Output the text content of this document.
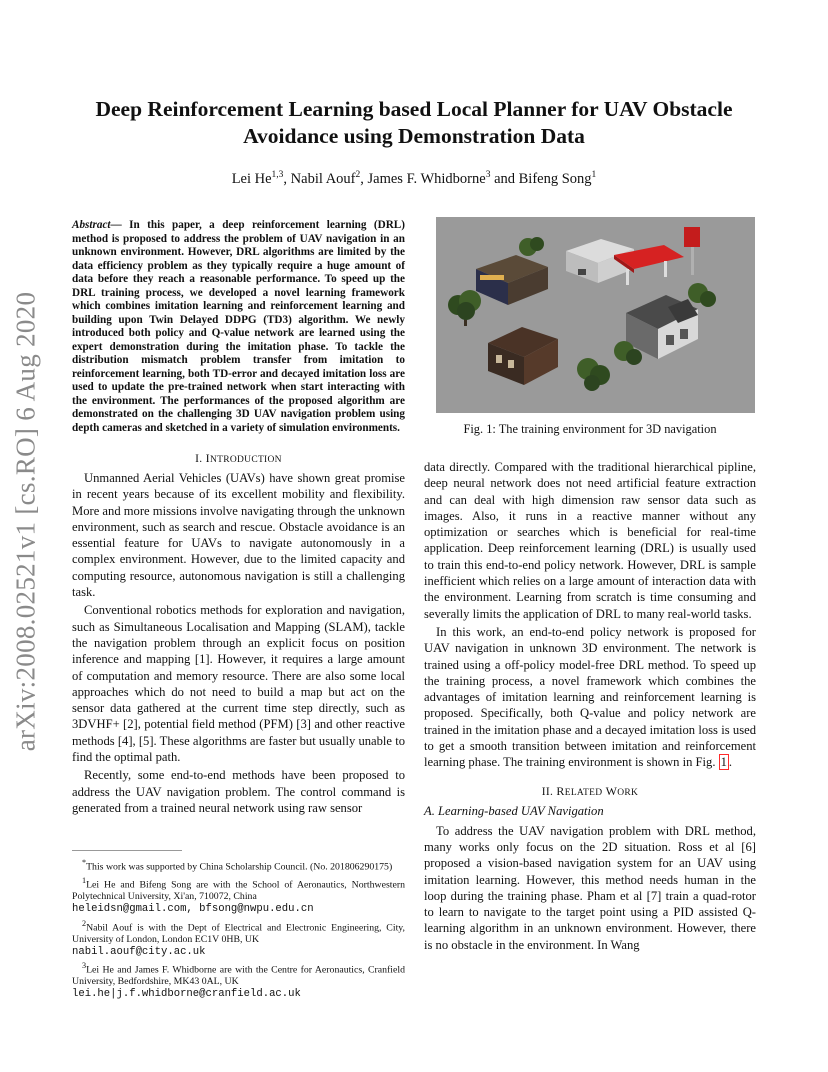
arXiv:2008.02521v1 [cs.RO] 6 Aug 2020
Deep Reinforcement Learning based Local Planner for UAV Obstacle
Avoidance using Demonstration Data
Lei He$^{1,3}$, Nabil Aouf$^2$, James F. Whidborne$^3$ and Bifeng Song$^1$

Abstract— In this paper, a deep reinforcement learning (DRL) method is proposed to address the problem of UAV navigation in an unknown environment. However, DRL algorithms are limited by the data efficiency problem as they typically require a huge amount of data before they reach a reasonable performance. To speed up the DRL training process, we developed a novel learning framework which combines imitation learning and reinforcement learning and building upon Twin Delayed DDPG (TD3) algorithm. We newly introduced both policy and Q-value network are learned using the expert demonstration during the imitation phase. To tackle the distribution mismatch problem transfer from imitation to reinforcement learning, both TD-error and decayed imitation loss are used to update the pre-trained network when start interacting with the environment. The performances of the proposed algorithm are demonstrated on the challenging 3D UAV navigation problem using depth cameras and sketched in a variety of simulation environments.

I. INTRODUCTION

Unmanned Aerial Vehicles (UAVs) have shown great promise in recent years because of its excellent mobility and flexibility. More and more missions involve navigating through the unknown environment, such as search and rescue. Obstacle avoidance is an essential feature for UAVs to navigate autonomously in a complex environment. However, due to the limited capacity and computing resource, autonomous navigation is still a challenging task.

Conventional robotics methods for exploration and navigation, such as Simultaneous Localisation and Mapping (SLAM), tackle the navigation problem through an explicit focus on position inference and mapping [1]. However, it requires a large amount of computation and memory resource. There are also some local approaches which do not need to build a map but act on the sensor data gathered at the current time step directly, such as 3DVHF+ [2], potential field method (PFM) [3] and other reactive methods [4], [5]. These algorithms are faster but usually unable to find the optimal path.

Recently, some end-to-end methods have been proposed to address the UAV navigation problem. The control command is generated from a trained neural network using raw sensor

*This work was supported by China Scholarship Council. (No. 201806290175)

$^1$Lei He and Bifeng Song are with the School of Aeronautics, Northwestern Polytechnical University, Xi'an, 710072, China
heleidsn@gmail.com, bfsong@nwpu.edu.cn

$^2$Nabil Aouf is with the Dept of Electrical and Electronic Engineering, City, University of London, London EC1V 0HB, UK
nabil.aouf@city.ac.uk

$^3$Lei He and James F. Whidborne are with the Centre for Aeronautics, Cranfield University, Bedfordshire, MK43 0AL, UK
lei.he|j.f.whidborne@cranfield.ac.uk

Fig. 1: The training environment for 3D navigation

data directly. Compared with the traditional hierarchical pipline, deep neural network does not need artificial feature extraction and can deal with high dimension raw sensor data such as images. Also, it runs in a reactive manner without any optimization or searches which is beneficial for real-time application. Deep reinforcement learning (DRL) is usually used to train this end-to-end policy network. However, DRL is sample inefficient which relies on a large amount of interaction data with the environment. Learning from scratch is time consuming and severally limits the application of DRL to many real-world tasks.

In this work, an end-to-end policy network is proposed for UAV navigation in unknown 3D environment. The network is trained using a off-policy model-free DRL method. To speed up the training process, a novel framework which combines the advantages of imitation learning and reinforcement learning is proposed. Specifically, both Q-value and policy network are trained in the imitation phase and a decayed imitation loss is used to get a smooth transition between imitation and reinforcement learning phase. The training environment is shown in Fig. 1 .

II. RELATED WORK

A. Learning-based UAV Navigation

To address the UAV navigation problem with DRL method, many works only focus on the 2D situation. Ross et al [6] proposed a vision-based navigation system for an UAV using imitation learning. However, this method needs human in the loop during the training phase. Pham et al [7] train a quad-rotor to learn to navigate to the target point using a PID assisted Q-learning algorithm in an unknown environment. However, there is no obstacle in the environment. In Wang
